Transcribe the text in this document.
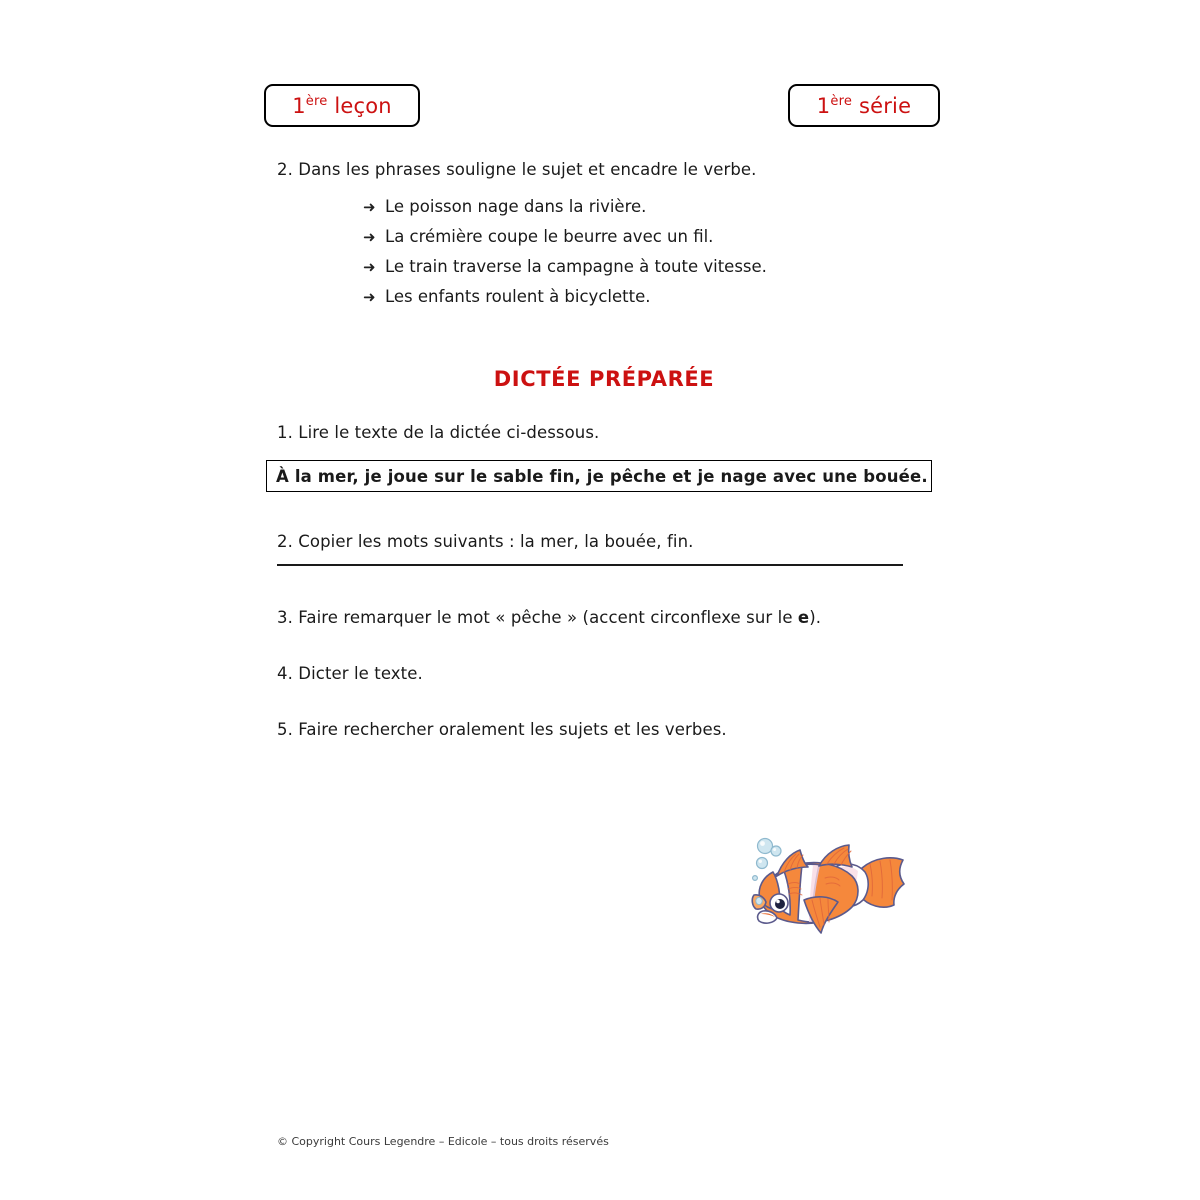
1ère leçon	1ère série
2. Dans les phrases souligne le sujet et encadre le verbe.
➜ Le poisson nage dans la rivière.
➜ La crémière coupe le beurre avec un fil.
➜ Le train traverse la campagne à toute vitesse.
➜ Les enfants roulent à bicyclette.
DICTÉE PRÉPARÉE
1. Lire le texte de la dictée ci-dessous.
À la mer, je joue sur le sable fin, je pêche et je nage avec une bouée.
2. Copier les mots suivants : la mer, la bouée, fin.
3. Faire remarquer le mot « pêche » (accent circonflexe sur le e).
4. Dicter le texte.
5. Faire rechercher oralement les sujets et les verbes.
© Copyright Cours Legendre – Edicole – tous droits réservés
